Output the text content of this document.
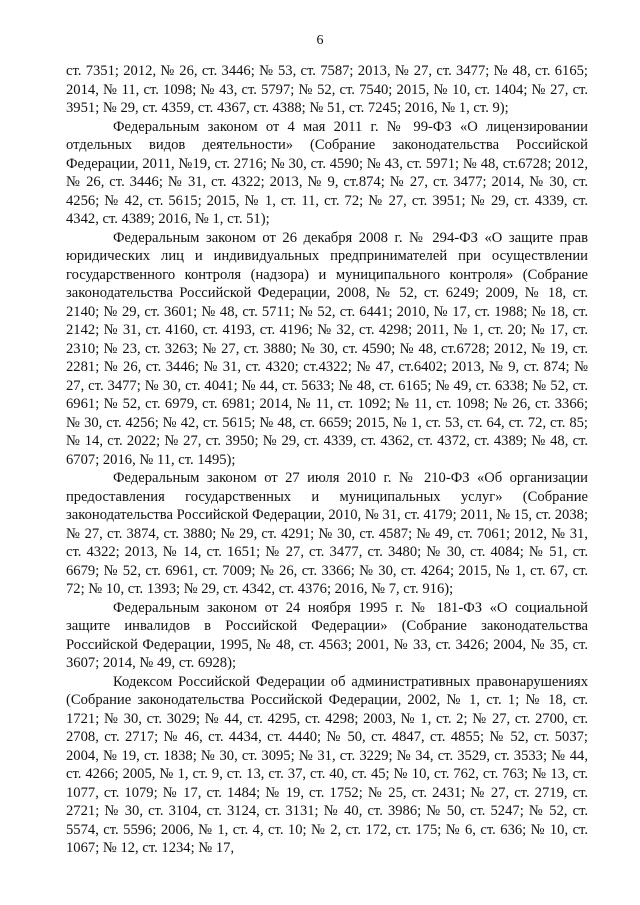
6

ст. 7351; 2012, № 26, ст. 3446; № 53, ст. 7587; 2013, № 27, ст. 3477; № 48, ст. 6165; 2014, № 11, ст. 1098; № 43, ст. 5797; № 52, ст. 7540; 2015, № 10, ст. 1404; № 27, ст. 3951; № 29, ст. 4359, ст. 4367, ст. 4388; № 51, ст. 7245; 2016, № 1, ст. 9);

Федеральным законом от 4 мая 2011 г. № 99-ФЗ «О лицензировании отдельных видов деятельности» (Собрание законодательства Российской Федерации, 2011, №19, ст. 2716; № 30, ст. 4590; № 43, ст. 5971; № 48, ст.6728; 2012, № 26, ст. 3446; № 31, ст. 4322; 2013, № 9, ст.874; № 27, ст. 3477; 2014, № 30, ст. 4256; № 42, ст. 5615; 2015, № 1, ст. 11, ст. 72; № 27, ст. 3951; № 29, ст. 4339, ст. 4342, ст. 4389; 2016, № 1, ст. 51);

Федеральным законом от 26 декабря 2008 г. № 294-ФЗ «О защите прав юридических лиц и индивидуальных предпринимателей при осуществлении государственного контроля (надзора) и муниципального контроля» (Собрание законодательства Российской Федерации, 2008, № 52, ст. 6249; 2009, № 18, ст. 2140; № 29, ст. 3601; № 48, ст. 5711; № 52, ст. 6441; 2010, № 17, ст. 1988; № 18, ст. 2142; № 31, ст. 4160, ст. 4193, ст. 4196; № 32, ст. 4298; 2011, № 1, ст. 20; № 17, ст. 2310; № 23, ст. 3263; № 27, ст. 3880; № 30, ст. 4590; № 48, ст.6728; 2012, № 19, ст. 2281; № 26, ст. 3446; № 31, ст. 4320; ст.4322; № 47, ст.6402; 2013, № 9, ст. 874; № 27, ст. 3477; № 30, ст. 4041; № 44, ст. 5633; № 48, ст. 6165; № 49, ст. 6338; № 52, ст. 6961; № 52, ст. 6979, ст. 6981; 2014, № 11, ст. 1092; № 11, ст. 1098; № 26, ст. 3366; № 30, ст. 4256; № 42, ст. 5615; № 48, ст. 6659; 2015, № 1, ст. 53, ст. 64, ст. 72, ст. 85; № 14, ст. 2022; № 27, ст. 3950; № 29, ст. 4339, ст. 4362, ст. 4372, ст. 4389; № 48, ст. 6707; 2016, № 11, ст. 1495);

Федеральным законом от 27 июля 2010 г. № 210-ФЗ «Об организации предоставления государственных и муниципальных услуг» (Собрание законодательства Российской Федерации, 2010, № 31, ст. 4179; 2011, № 15, ст. 2038; № 27, ст. 3874, ст. 3880; № 29, ст. 4291; № 30, ст. 4587; № 49, ст. 7061; 2012, № 31, ст. 4322; 2013, № 14, ст. 1651; № 27, ст. 3477, ст. 3480; № 30, ст. 4084; № 51, ст. 6679; № 52, ст. 6961, ст. 7009; № 26, ст. 3366; № 30, ст. 4264; 2015, № 1, ст. 67, ст. 72; № 10, ст. 1393; № 29, ст. 4342, ст. 4376; 2016, № 7, ст. 916);

Федеральным законом от 24 ноября 1995 г. № 181-ФЗ «О социальной защите инвалидов в Российской Федерации» (Собрание законодательства Российской Федерации, 1995, № 48, ст. 4563; 2001, № 33, ст. 3426; 2004, № 35, ст. 3607; 2014, № 49, ст. 6928);

Кодексом Российской Федерации об административных правонарушениях (Собрание законодательства Российской Федерации, 2002, № 1, ст. 1; № 18, ст. 1721; № 30, ст. 3029; № 44, ст. 4295, ст. 4298; 2003, № 1, ст. 2; № 27, ст. 2700, ст. 2708, ст. 2717; № 46, ст. 4434, ст. 4440; № 50, ст. 4847, ст. 4855; № 52, ст. 5037; 2004, № 19, ст. 1838; № 30, ст. 3095; № 31, ст. 3229; № 34, ст. 3529, ст. 3533; № 44, ст. 4266; 2005, № 1, ст. 9, ст. 13, ст. 37, ст. 40, ст. 45; № 10, ст. 762, ст. 763; № 13, ст. 1077, ст. 1079; № 17, ст. 1484; № 19, ст. 1752; № 25, ст. 2431; № 27, ст. 2719, ст. 2721; № 30, ст. 3104, ст. 3124, ст. 3131; № 40, ст. 3986; № 50, ст. 5247; № 52, ст. 5574, ст. 5596; 2006, № 1, ст. 4, ст. 10; № 2, ст. 172, ст. 175; № 6, ст. 636; № 10, ст. 1067; № 12, ст. 1234; № 17,
